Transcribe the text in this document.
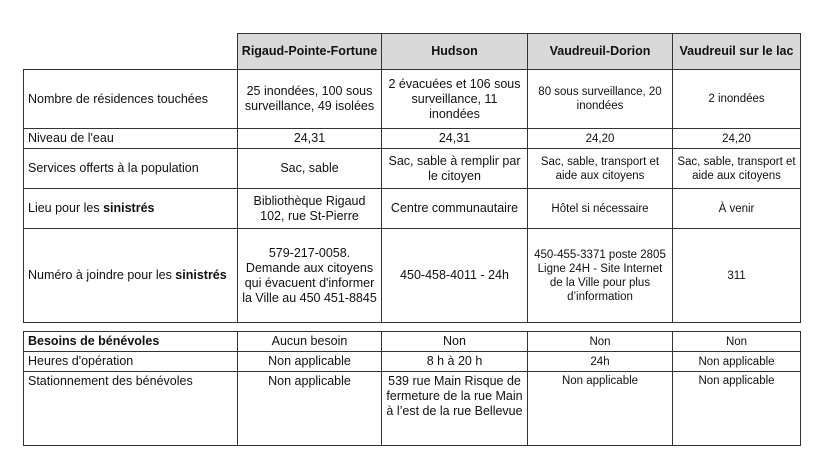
	Rigaud-Pointe-Fortune	Hudson	Vaudreuil-Dorion	Vaudreuil sur le lac
Nombre de résidences touchées	25 inondées, 100 sous surveillance, 49 isolées	2 évacuées et 106 sous surveillance, 11 inondées	80 sous surveillance, 20 inondées	2 inondées
Niveau de l'eau	24,31	24,31	24,20	24,20
Services offerts à la population	Sac, sable	Sac, sable à remplir par le citoyen	Sac, sable, transport et aide aux citoyens	Sac, sable, transport et aide aux citoyens
Lieu pour les sinistrés	Bibliothèque Rigaud 102, rue St-Pierre	Centre communautaire	Hôtel si nécessaire	À venir
Numéro à joindre pour les sinistrés	579-217-0058. Demande aux citoyens qui évacuent d'informer la Ville au 450 451-8845	450-458-4011 - 24h	450-455-3371 poste 2805 Ligne 24H - Site Internet de la Ville pour plus d’information	311
Besoins de bénévoles	Aucun besoin	Non	Non	Non
Heures d'opération	Non applicable	8 h à 20 h	24h	Non applicable
Stationnement des bénévoles	Non applicable	539 rue Main Risque de fermeture de la rue Main à l’est de la rue Bellevue	Non applicable	Non applicable
